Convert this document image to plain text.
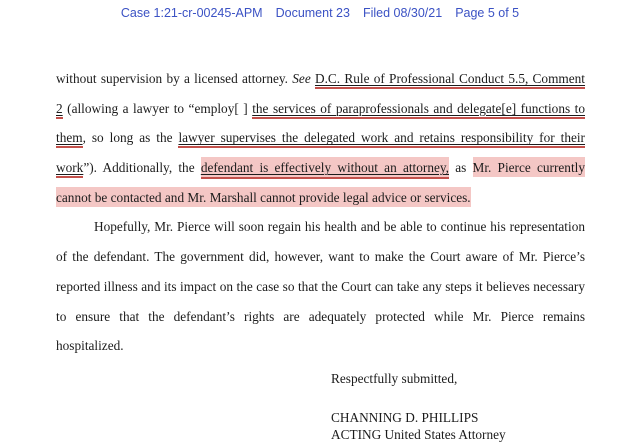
Case 1:21-cr-00245-APM Document 23 Filed 08/30/21 Page 5 of 5
without supervision by a licensed attorney. See D.C. Rule of Professional Conduct 5.5, Comment
2 (allowing a lawyer to “employ[ ] the services of paraprofessionals and delegate[e] functions to
them, so long as the lawyer supervises the delegated work and retains responsibility for their
work”). Additionally, the defendant is effectively without an attorney, as Mr. Pierce currently
cannot be contacted and Mr. Marshall cannot provide legal advice or services.
Hopefully, Mr. Pierce will soon regain his health and be able to continue his representation
of the defendant. The government did, however, want to make the Court aware of Mr. Pierce’s
reported illness and its impact on the case so that the Court can take any steps it believes necessary
to ensure that the defendant’s rights are adequately protected while Mr. Pierce remains
hospitalized.
Respectfully submitted,
CHANNING D. PHILLIPS
ACTING United States Attorney
